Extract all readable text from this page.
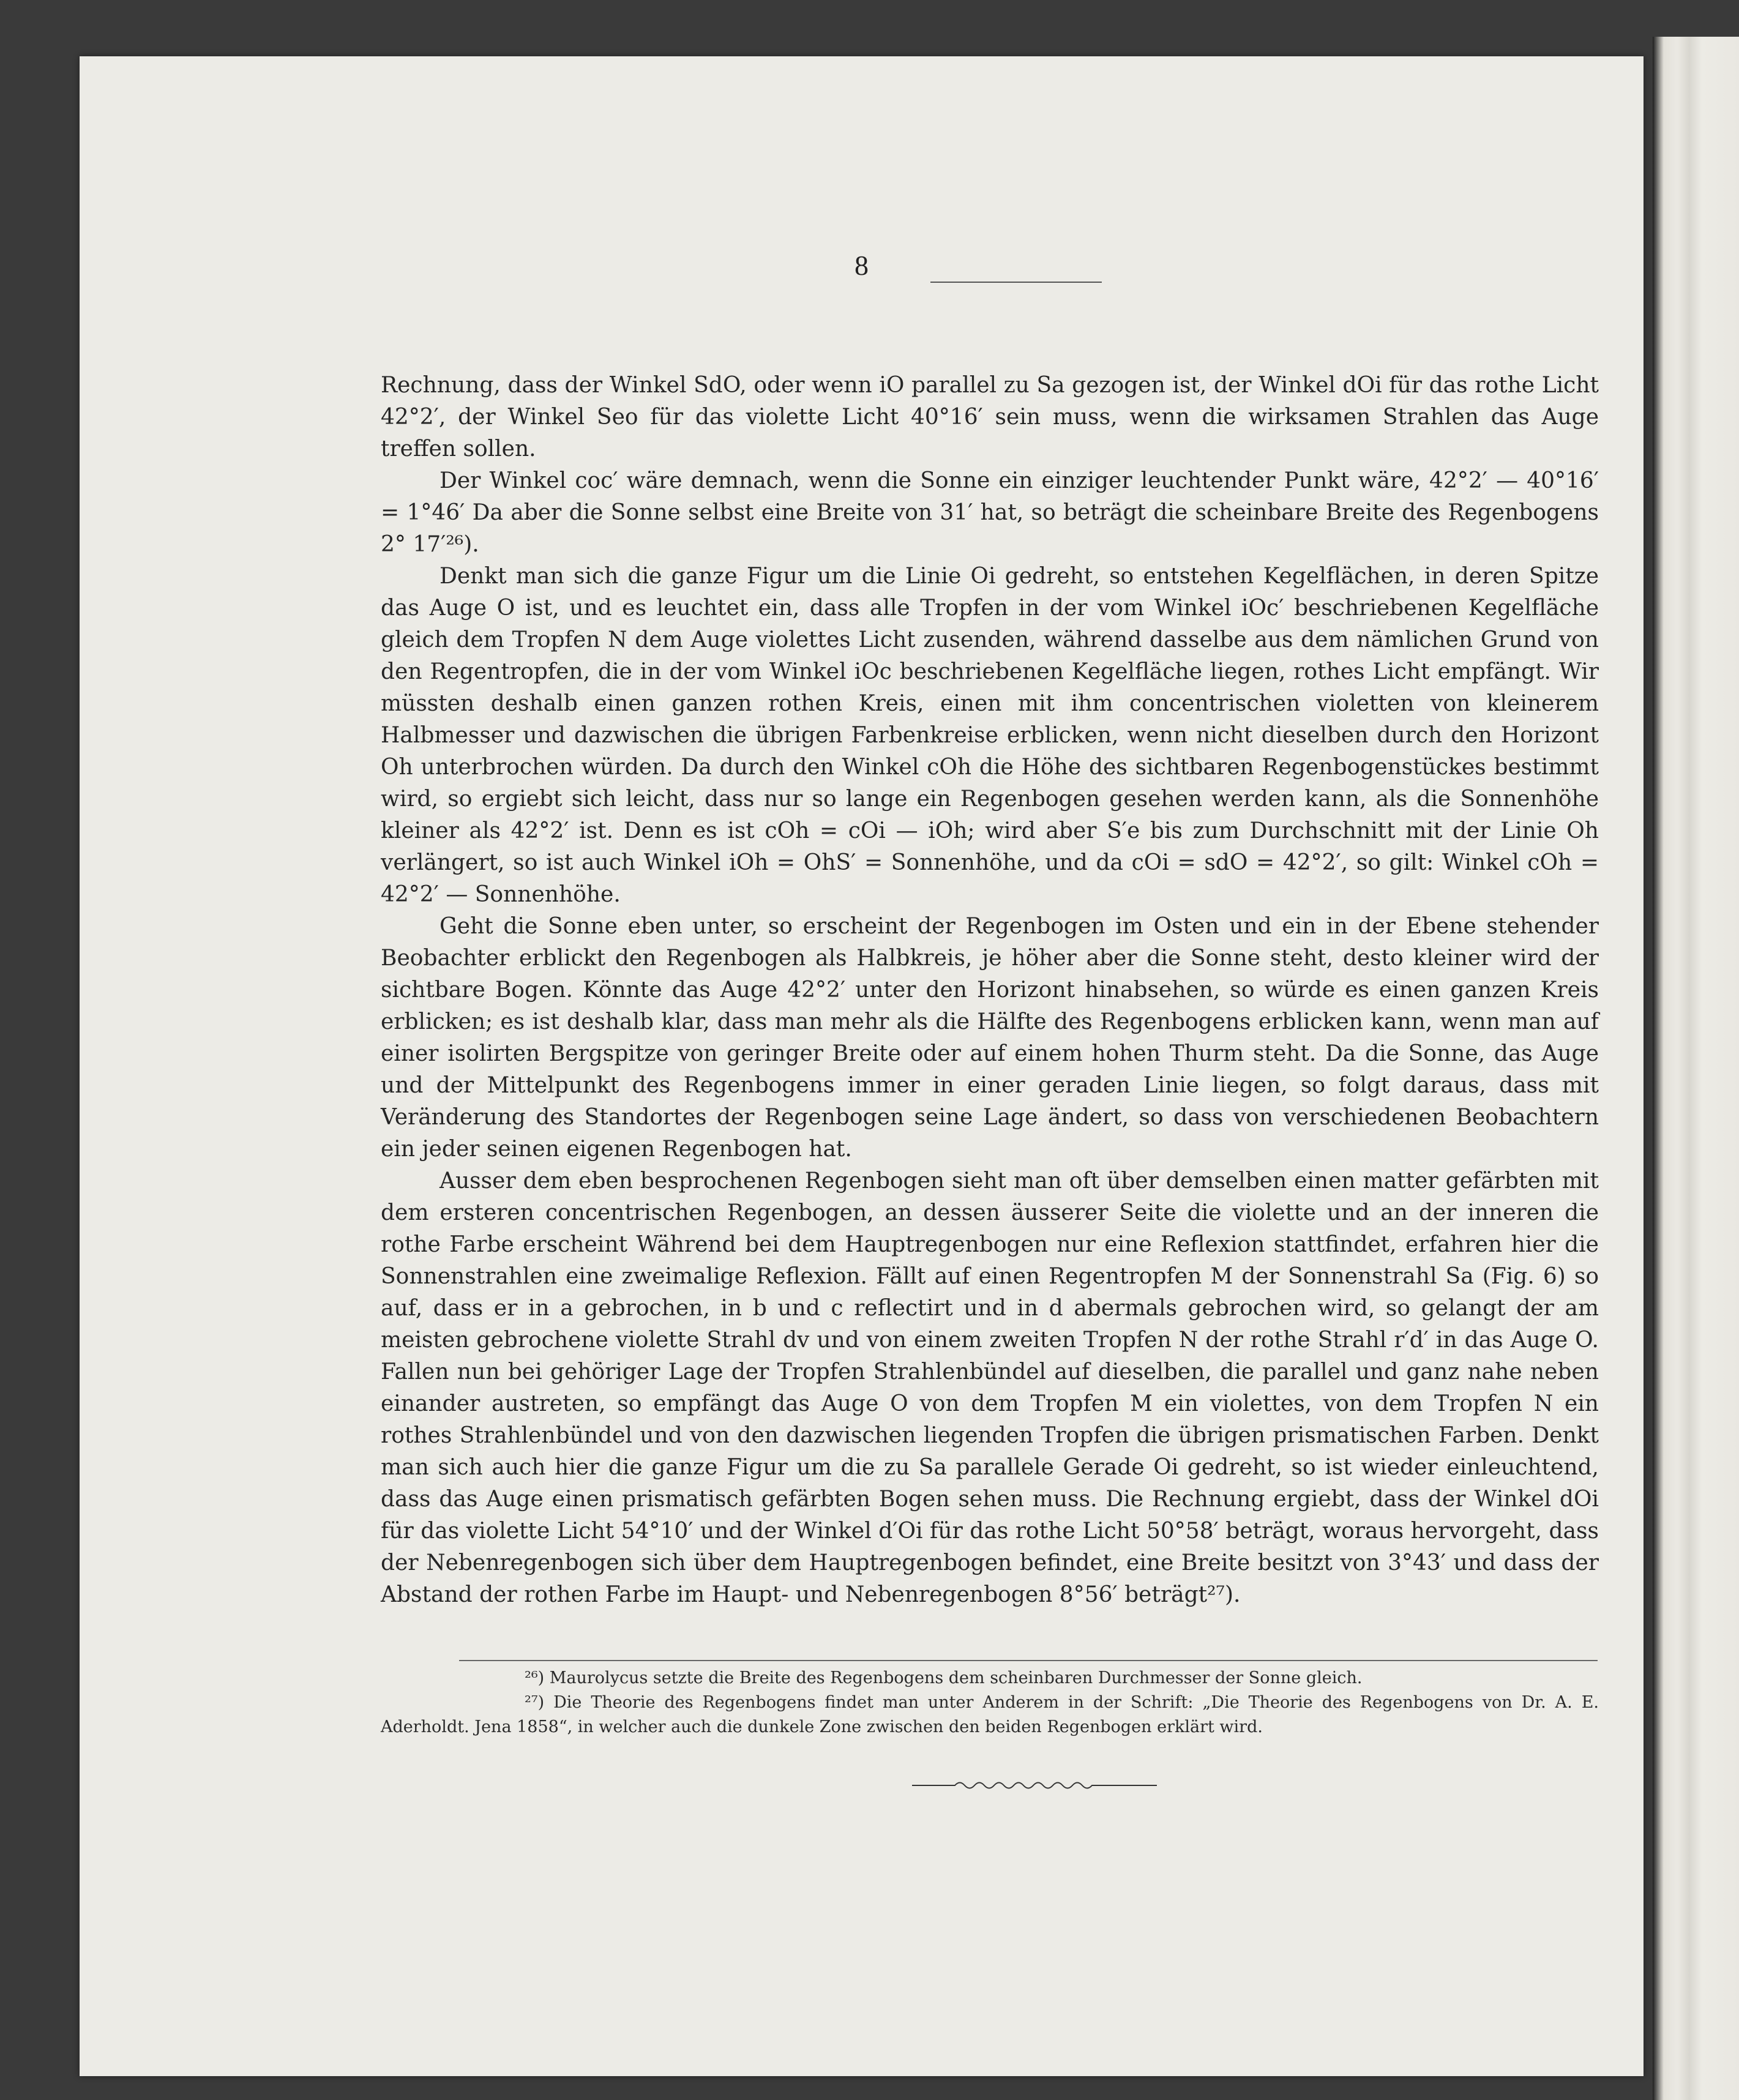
8

Rechnung, dass der Winkel SdO, oder wenn iO parallel zu Sa gezogen ist, der Winkel dOi für das rothe Licht 42°2′, der Winkel Seo für das violette Licht 40°16′ sein muss, wenn die wirksamen Strahlen das Auge treffen sollen.

Der Winkel coc′ wäre demnach, wenn die Sonne ein einziger leuchtender Punkt wäre, 42°2′ — 40°16′ = 1°46′ Da aber die Sonne selbst eine Breite von 31′ hat, so beträgt die scheinbare Breite des Regenbogens 2° 17′²⁶).

Denkt man sich die ganze Figur um die Linie Oi gedreht, so entstehen Kegelflächen, in deren Spitze das Auge O ist, und es leuchtet ein, dass alle Tropfen in der vom Winkel iOc′ beschriebenen Kegelfläche gleich dem Tropfen N dem Auge violettes Licht zusenden, während dasselbe aus dem nämlichen Grund von den Regentropfen, die in der vom Winkel iOc beschriebenen Kegelfläche liegen, rothes Licht empfängt. Wir müssten deshalb einen ganzen rothen Kreis, einen mit ihm concentrischen violetten von kleinerem Halbmesser und dazwischen die übrigen Farbenkreise erblicken, wenn nicht dieselben durch den Horizont Oh unterbrochen würden. Da durch den Winkel cOh die Höhe des sichtbaren Regenbogenstückes bestimmt wird, so ergiebt sich leicht, dass nur so lange ein Regenbogen gesehen werden kann, als die Sonnenhöhe kleiner als 42°2′ ist. Denn es ist cOh = cOi — iOh; wird aber S′e bis zum Durchschnitt mit der Linie Oh verlängert, so ist auch Winkel iOh = OhS′ = Sonnenhöhe, und da cOi = sdO = 42°2′, so gilt: Winkel cOh = 42°2′ — Sonnenhöhe.

Geht die Sonne eben unter, so erscheint der Regenbogen im Osten und ein in der Ebene stehender Beobachter erblickt den Regenbogen als Halbkreis, je höher aber die Sonne steht, desto kleiner wird der sichtbare Bogen. Könnte das Auge 42°2′ unter den Horizont hinabsehen, so würde es einen ganzen Kreis erblicken; es ist deshalb klar, dass man mehr als die Hälfte des Regenbogens erblicken kann, wenn man auf einer isolirten Bergspitze von geringer Breite oder auf einem hohen Thurm steht. Da die Sonne, das Auge und der Mittelpunkt des Regenbogens immer in einer geraden Linie liegen, so folgt daraus, dass mit Veränderung des Standortes der Regenbogen seine Lage ändert, so dass von verschiedenen Beobachtern ein jeder seinen eigenen Regenbogen hat.

Ausser dem eben besprochenen Regenbogen sieht man oft über demselben einen matter gefärbten mit dem ersteren concentrischen Regenbogen, an dessen äusserer Seite die violette und an der inneren die rothe Farbe erscheint Während bei dem Hauptregenbogen nur eine Reflexion stattfindet, erfahren hier die Sonnenstrahlen eine zweimalige Reflexion. Fällt auf einen Regentropfen M der Sonnenstrahl Sa (Fig. 6) so auf, dass er in a gebrochen, in b und c reflectirt und in d abermals gebrochen wird, so gelangt der am meisten gebrochene violette Strahl dv und von einem zweiten Tropfen N der rothe Strahl r′d′ in das Auge O. Fallen nun bei gehöriger Lage der Tropfen Strahlenbündel auf dieselben, die parallel und ganz nahe neben einander austreten, so empfängt das Auge O von dem Tropfen M ein violettes, von dem Tropfen N ein rothes Strahlenbündel und von den dazwischen liegenden Tropfen die übrigen prismatischen Farben. Denkt man sich auch hier die ganze Figur um die zu Sa parallele Gerade Oi gedreht, so ist wieder einleuchtend, dass das Auge einen prismatisch gefärbten Bogen sehen muss. Die Rechnung ergiebt, dass der Winkel dOi für das violette Licht 54°10′ und der Winkel d′Oi für das rothe Licht 50°58′ beträgt, woraus hervorgeht, dass der Nebenregenbogen sich über dem Hauptregenbogen befindet, eine Breite besitzt von 3°43′ und dass der Abstand der rothen Farbe im Haupt- und Nebenregenbogen 8°56′ beträgt²⁷).

²⁶) Maurolycus setzte die Breite des Regenbogens dem scheinbaren Durchmesser der Sonne gleich.

²⁷) Die Theorie des Regenbogens findet man unter Anderem in der Schrift: „Die Theorie des Regenbogens von Dr. A. E. Aderholdt. Jena 1858“, in welcher auch die dunkele Zone zwischen den beiden Regenbogen erklärt wird.
